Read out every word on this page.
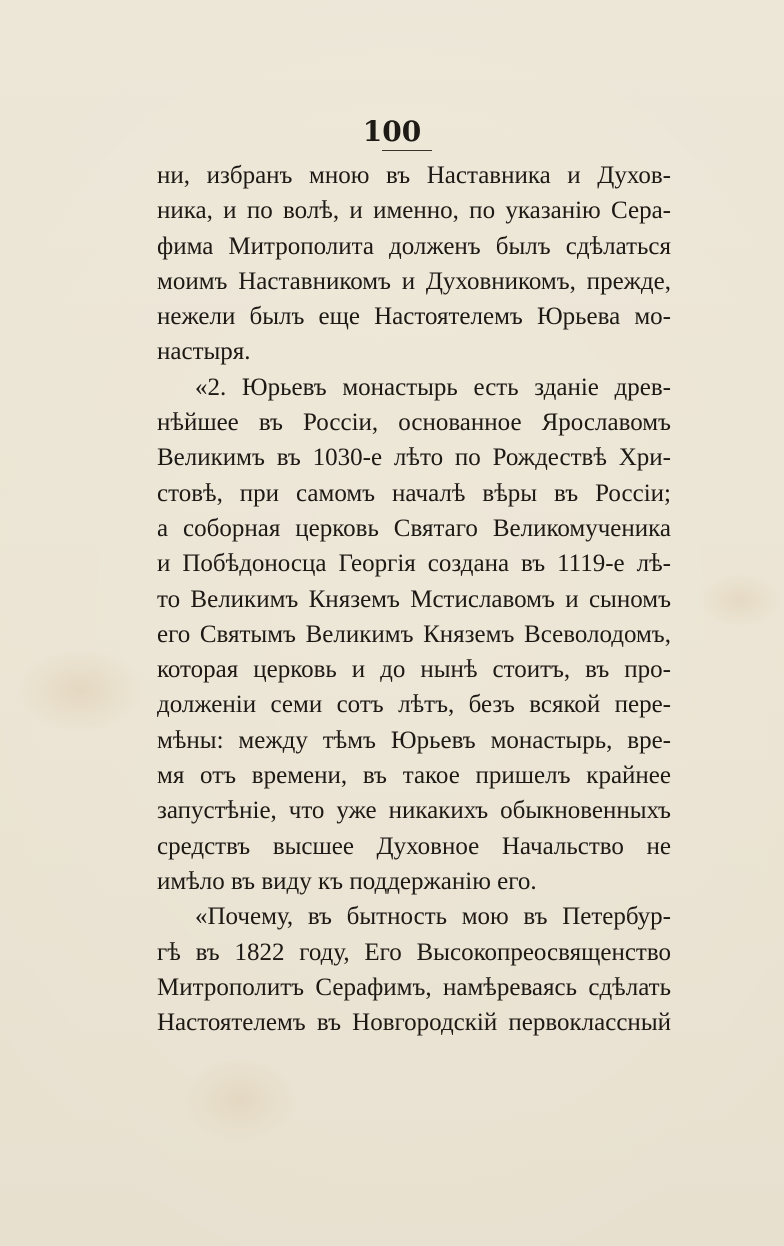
100
ни, избранъ мною въ Наставника и Духов-
ника, и по волѣ, и именно, по указанію Сера-
фима Митрополита долженъ былъ сдѣлаться
моимъ Наставникомъ и Духовникомъ, прежде,
нежели былъ еще Настоятелемъ Юрьева мо-
настыря.
«2. Юрьевъ монастырь есть зданіе древ-
нѣйшее въ Россіи, основанное Ярославомъ
Великимъ въ 1030-е лѣто по Рождествѣ Хри-
стовѣ, при самомъ началѣ вѣры въ Россіи;
а соборная церковь Святаго Великомученика
и Побѣдоносца Георгія создана въ 1119-е лѣ-
то Великимъ Княземъ Мстиславомъ и сыномъ
его Святымъ Великимъ Княземъ Всеволодомъ,
которая церковь и до нынѣ стоитъ, въ про-
долженіи семи сотъ лѣтъ, безъ всякой пере-
мѣны: между тѣмъ Юрьевъ монастырь, вре-
мя отъ времени, въ такое пришелъ крайнее
запустѣніе, что уже никакихъ обыкновенныхъ
средствъ высшее Духовное Начальство не
имѣло въ виду къ поддержанію его.
«Почему, въ бытность мою въ Петербур-
гѣ въ 1822 году, Его Высокопреосвященство
Митрополитъ Серафимъ, намѣреваясь сдѣлать
Настоятелемъ въ Новгородскій первоклассный
